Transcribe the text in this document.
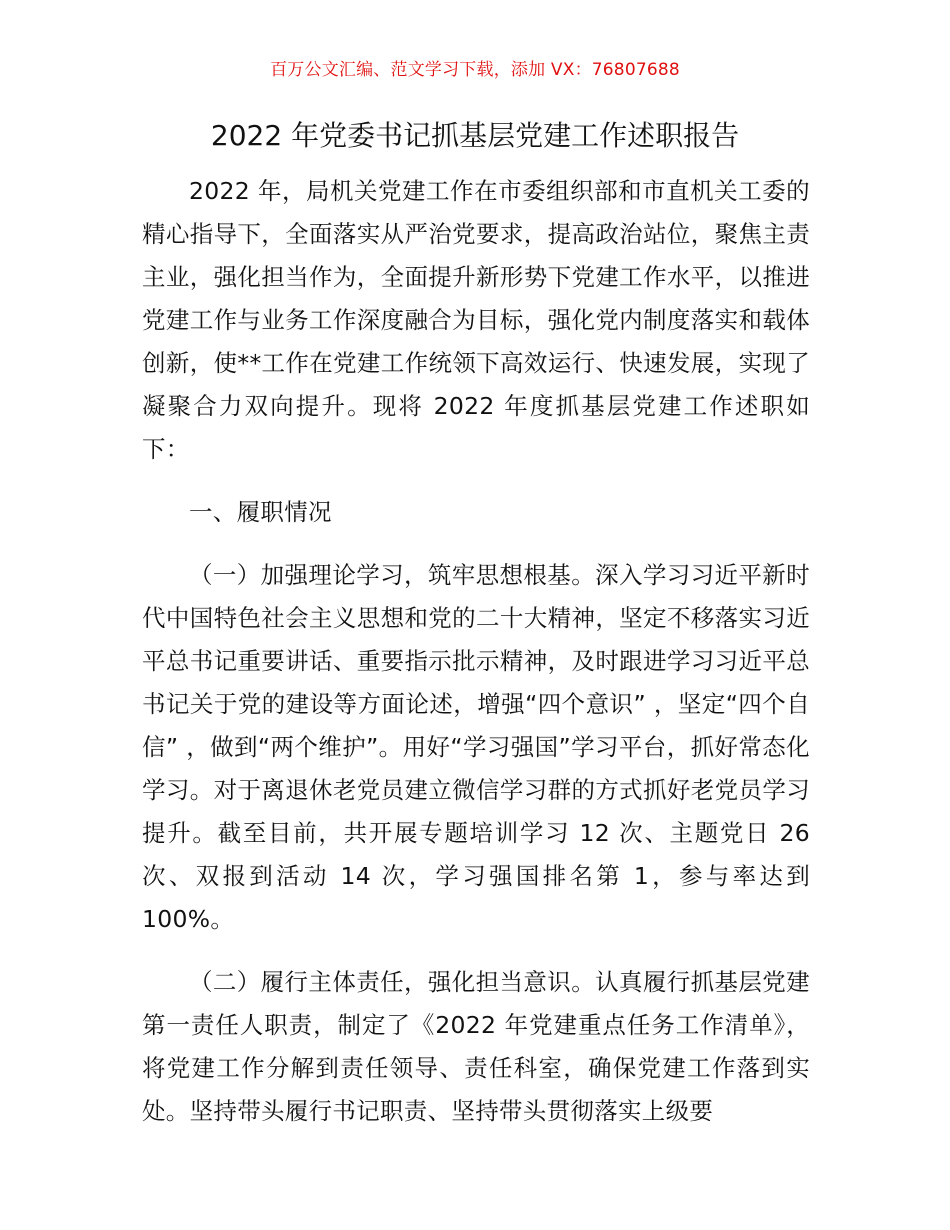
百万公文汇编、范文学习下载，添加 VX：76807688
2022 年党委书记抓基层党建工作述职报告

2022 年，局机关党建工作在市委组织部和市直机关工委的精心指导下，全面落实从严治党要求，提高政治站位，聚焦主责主业，强化担当作为，全面提升新形势下党建工作水平，以推进党建工作与业务工作深度融合为目标，强化党内制度落实和载体创新，使**工作在党建工作统领下高效运行、快速发展，实现了凝聚合力双向提升。现将 2022 年度抓基层党建工作述职如下：

一、履职情况

（一）加强理论学习，筑牢思想根基。深入学习习近平新时代中国特色社会主义思想和党的二十大精神，坚定不移落实习近平总书记重要讲话、重要指示批示精神，及时跟进学习习近平总书记关于党的建设等方面论述，增强“四个意识” ，坚定“四个自信” ，做到“两个维护”。用好“学习强国”学习平台，抓好常态化学习。对于离退休老党员建立微信学习群的方式抓好老党员学习提升。截至目前，共开展专题培训学习 12 次、主题党日 26 次、双报到活动 14 次，学习强国排名第 1，参与率达到 100%。

（二）履行主体责任，强化担当意识。认真履行抓基层党建第一责任人职责，制定了《2022 年党建重点任务工作清单》，将党建工作分解到责任领导、责任科室，确保党建工作落到实处。坚持带头履行书记职责、坚持带头贯彻落实上级要
